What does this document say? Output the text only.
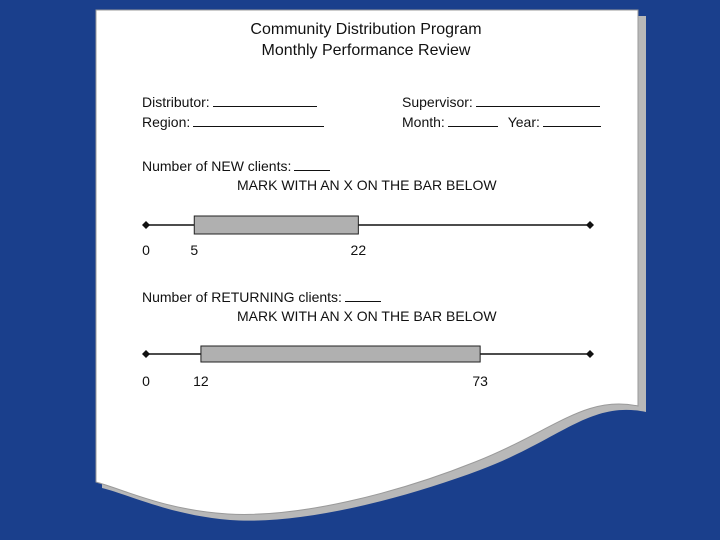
Community Distribution Program
Monthly Performance Review
Distributor:	Supervisor:
Region:	Month:	Year:
Number of NEW clients:
MARK WITH AN X ON THE BAR BELOW
Number of RETURNING clients:
MARK WITH AN X ON THE BAR BELOW
0	5	22
0	12	73
